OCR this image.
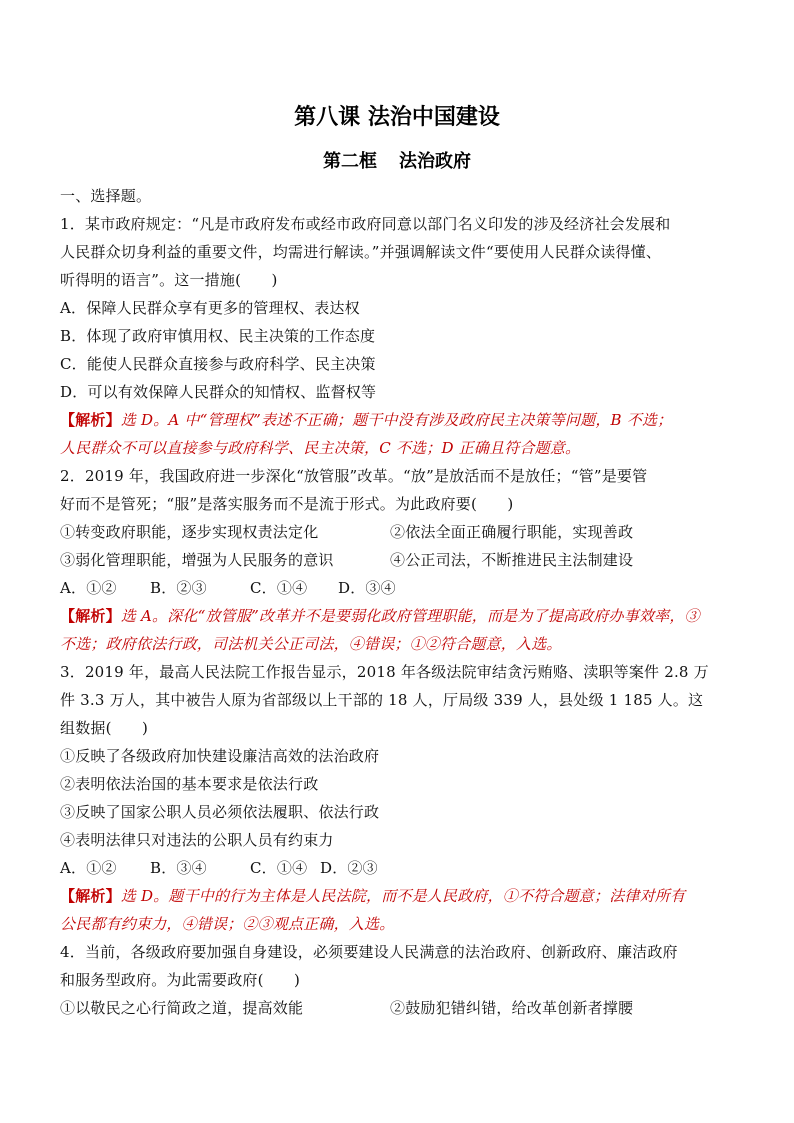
第八课 法治中国建设
第二框 法治政府
一、选择题。
1．某市政府规定：“凡是市政府发布或经市政府同意以部门名义印发的涉及经济社会发展和
人民群众切身利益的重要文件，均需进行解读。”并强调解读文件“要使用人民群众读得懂、
听得明的语言”。这一措施(　　)
A．保障人民群众享有更多的管理权、表达权
B．体现了政府审慎用权、民主决策的工作态度
C．能使人民群众直接参与政府科学、民主决策
D．可以有效保障人民群众的知情权、监督权等
【解析】选 D。A 中“管理权”表述不正确；题干中没有涉及政府民主决策等问题，B 不选；
人民群众不可以直接参与政府科学、民主决策，C 不选；D 正确且符合题意。
2．2019 年，我国政府进一步深化“放管服”改革。“放”是放活而不是放任；“管”是要管
好而不是管死；“服”是落实服务而不是流于形式。为此政府要(　　)
①转变政府职能，逐步实现权责法定化	②依法全面正确履行职能，实现善政
③弱化管理职能，增强为人民服务的意识	④公正司法，不断推进民主法制建设
A．①② B．②③	C．①④ D．③④
【解析】选 A。深化“放管服”改革并不是要弱化政府管理职能，而是为了提高政府办事效率，③
不选；政府依法行政，司法机关公正司法，④错误；①②符合题意，入选。
3．2019 年，最高人民法院工作报告显示，2018 年各级法院审结贪污贿赂、渎职等案件 2.8 万
件 3.3 万人，其中被告人原为省部级以上干部的 18 人，厅局级 339 人，县处级 1 185 人。这
组数据(　　)
①反映了各级政府加快建设廉洁高效的法治政府
②表明依法治国的基本要求是依法行政
③反映了国家公职人员必须依法履职、依法行政
④表明法律只对违法的公职人员有约束力
A．①② B．③④	C．①④ D．②③
【解析】选 D。题干中的行为主体是人民法院，而不是人民政府，①不符合题意；法律对所有
公民都有约束力，④错误；②③观点正确，入选。
4．当前，各级政府要加强自身建设，必须要建设人民满意的法治政府、创新政府、廉洁政府
和服务型政府。为此需要政府(　　)
①以敬民之心行简政之道，提高效能	②鼓励犯错纠错，给改革创新者撑腰
